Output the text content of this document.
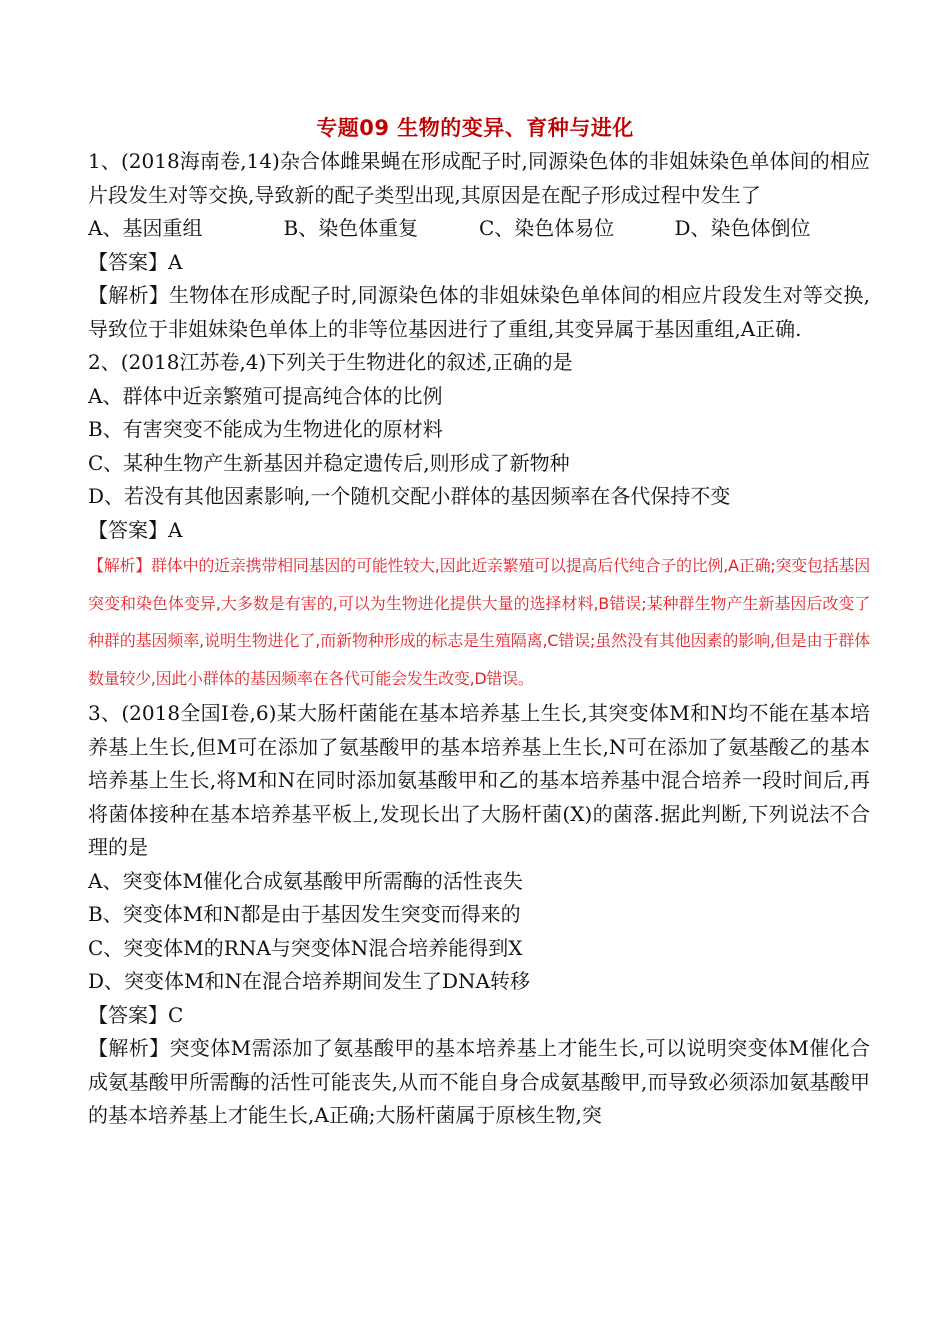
专题09 生物的变异、育种与进化

1、(2018海南卷,14)杂合体雌果蝇在形成配子时,同源染色体的非姐妹染色单体间的相应片段发生对等交换,导致新的配子类型出现,其原因是在配子形成过程中发生了

A、基因重组	B、染色体重复	C、染色体易位	D、染色体倒位

【答案】A

【解析】生物体在形成配子时,同源染色体的非姐妹染色单体间的相应片段发生对等交换,导致位于非姐妹染色单体上的非等位基因进行了重组,其变异属于基因重组,A正确.

2、(2018江苏卷,4)下列关于生物进化的叙述,正确的是

A、群体中近亲繁殖可提高纯合体的比例

B、有害突变不能成为生物进化的原材料

C、某种生物产生新基因并稳定遗传后,则形成了新物种

D、若没有其他因素影响,一个随机交配小群体的基因频率在各代保持不变

【答案】A

【解析】群体中的近亲携带相同基因的可能性较大,因此近亲繁殖可以提高后代纯合子的比例,A正确;突变包括基因突变和染色体变异,大多数是有害的,可以为生物进化提供大量的选择材料,B错误;某种群生物产生新基因后改变了种群的基因频率,说明生物进化了,而新物种形成的标志是生殖隔离,C错误;虽然没有其他因素的影响,但是由于群体数量较少,因此小群体的基因频率在各代可能会发生改变,D错误。

3、(2018全国Ⅰ卷,6)某大肠杆菌能在基本培养基上生长,其突变体M和N均不能在基本培养基上生长,但M可在添加了氨基酸甲的基本培养基上生长,N可在添加了氨基酸乙的基本培养基上生长,将M和N在同时添加氨基酸甲和乙的基本培养基中混合培养一段时间后,再将菌体接种在基本培养基平板上,发现长出了大肠杆菌(X)的菌落.据此判断,下列说法不合理的是

A、突变体M催化合成氨基酸甲所需酶的活性丧失

B、突变体M和N都是由于基因发生突变而得来的

C、突变体M的RNA与突变体N混合培养能得到X

D、突变体M和N在混合培养期间发生了DNA转移

【答案】C

【解析】突变体M需添加了氨基酸甲的基本培养基上才能生长,可以说明突变体M催化合成氨基酸甲所需酶的活性可能丧失,从而不能自身合成氨基酸甲,而导致必须添加氨基酸甲的基本培养基上才能生长,A正确;大肠杆菌属于原核生物,突
